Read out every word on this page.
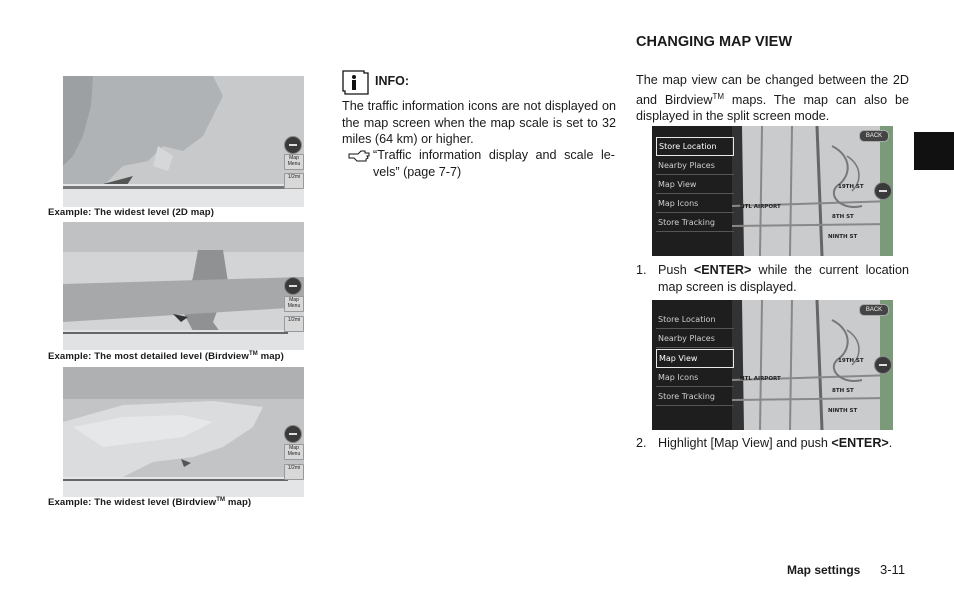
Map Menu
1/2mi
Example: The widest level (2D map)
Map Menu
1/2mi
Example: The most detailed level (Birdview™ map)
Map Menu
1/2mi
Example: The widest level (Birdview™ map)
INFO:
The traffic information icons are not displayed on the map screen when the map scale is set to 32 miles (64 km) or higher.
“Traffic information display and scale le-vels” (page 7-7)
CHANGING MAP VIEW
The map view can be changed between the 2D and Birdview™ maps. The map can also be displayed in the split screen mode.
Store Location
Nearby Places
Map View
Map Icons
Store Tracking
BACK
19TH ST
NINTH ST
8TH ST
NTL AIRPORT
1. Push <ENTER> while the current location map screen is displayed.
Store Location
Nearby Places
Map View
Map Icons
Store Tracking
BACK
19TH ST
NINTH ST
8TH ST
NTL AIRPORT
2. Highlight [Map View] and push <ENTER>.
Map settings 3-11
